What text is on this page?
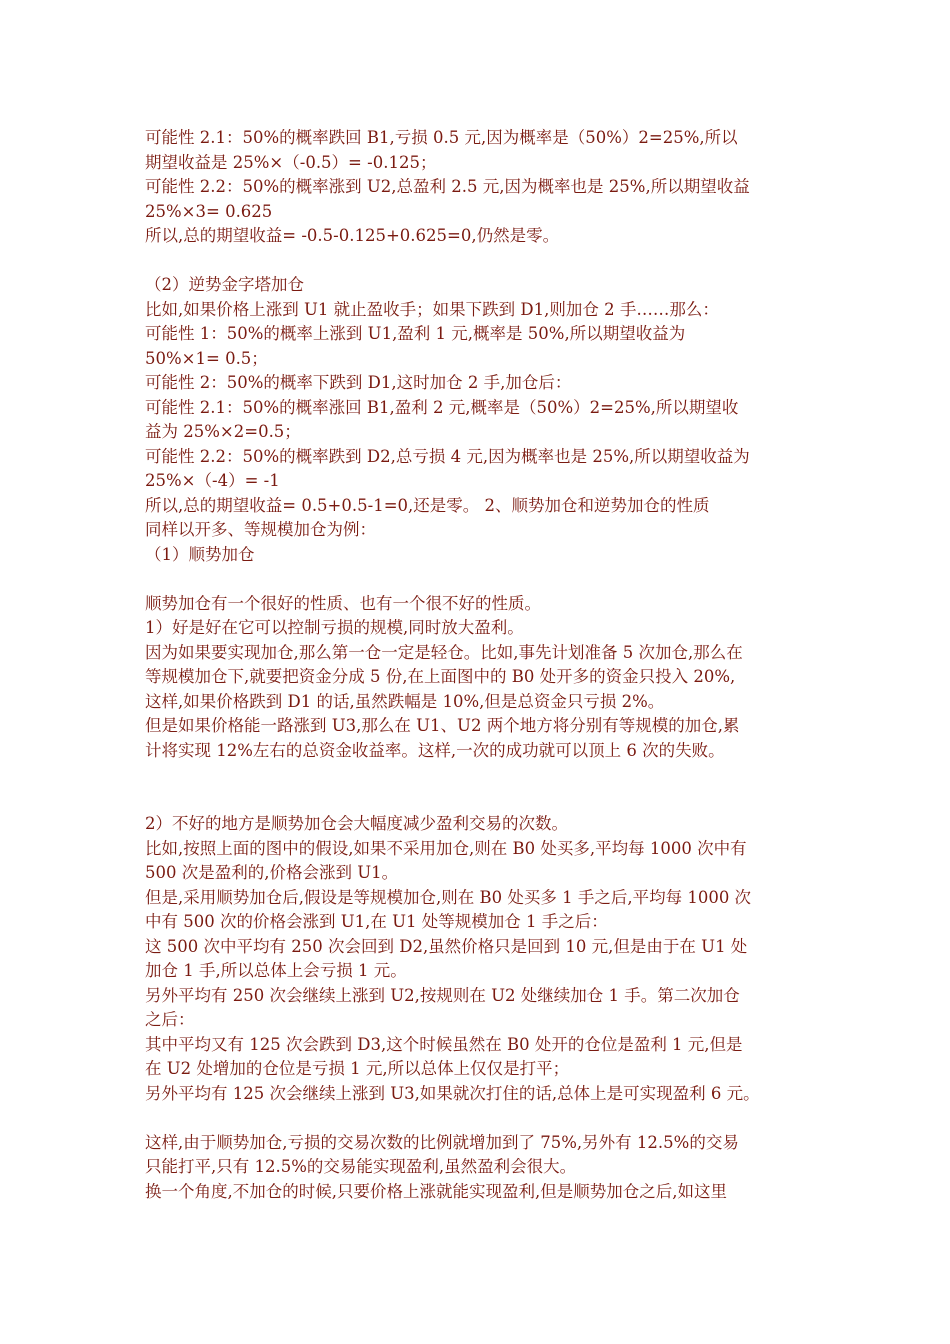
可能性 2.1：50%的概率跌回 B1,亏损 0.5 元,因为概率是（50%）2=25%,所以
期望收益是 25%×（-0.5）= -0.125；
可能性 2.2：50%的概率涨到 U2,总盈利 2.5 元,因为概率也是 25%,所以期望收益
25%×3= 0.625
所以,总的期望收益= -0.5-0.125+0.625=0,仍然是零。
（2）逆势金字塔加仓
比如,如果价格上涨到 U1 就止盈收手；如果下跌到 D1,则加仓 2 手……那么：
可能性 1：50%的概率上涨到 U1,盈利 1 元,概率是 50%,所以期望收益为
50%×1= 0.5；
可能性 2：50%的概率下跌到 D1,这时加仓 2 手,加仓后：
可能性 2.1：50%的概率涨回 B1,盈利 2 元,概率是（50%）2=25%,所以期望收
益为 25%×2=0.5；
可能性 2.2：50%的概率跌到 D2,总亏损 4 元,因为概率也是 25%,所以期望收益为
25%×（-4）= -1
所以,总的期望收益= 0.5+0.5-1=0,还是零。 2、顺势加仓和逆势加仓的性质
同样以开多、等规模加仓为例：
（1）顺势加仓
顺势加仓有一个很好的性质、也有一个很不好的性质。
1）好是好在它可以控制亏损的规模,同时放大盈利。
因为如果要实现加仓,那么第一仓一定是轻仓。比如,事先计划准备 5 次加仓,那么在
等规模加仓下,就要把资金分成 5 份,在上面图中的 B0 处开多的资金只投入 20%,
这样,如果价格跌到 D1 的话,虽然跌幅是 10%,但是总资金只亏损 2%。
但是如果价格能一路涨到 U3,那么在 U1、U2 两个地方将分别有等规模的加仓,累
计将实现 12%左右的总资金收益率。这样,一次的成功就可以顶上 6 次的失败。
2）不好的地方是顺势加仓会大幅度减少盈利交易的次数。
比如,按照上面的图中的假设,如果不采用加仓,则在 B0 处买多,平均每 1000 次中有
500 次是盈利的,价格会涨到 U1。
但是,采用顺势加仓后,假设是等规模加仓,则在 B0 处买多 1 手之后,平均每 1000 次
中有 500 次的价格会涨到 U1,在 U1 处等规模加仓 1 手之后：
这 500 次中平均有 250 次会回到 D2,虽然价格只是回到 10 元,但是由于在 U1 处
加仓 1 手,所以总体上会亏损 1 元。
另外平均有 250 次会继续上涨到 U2,按规则在 U2 处继续加仓 1 手。第二次加仓
之后：
其中平均又有 125 次会跌到 D3,这个时候虽然在 B0 处开的仓位是盈利 1 元,但是
在 U2 处增加的仓位是亏损 1 元,所以总体上仅仅是打平；
另外平均有 125 次会继续上涨到 U3,如果就次打住的话,总体上是可实现盈利 6 元。
这样,由于顺势加仓,亏损的交易次数的比例就增加到了 75%,另外有 12.5%的交易
只能打平,只有 12.5%的交易能实现盈利,虽然盈利会很大。
换一个角度,不加仓的时候,只要价格上涨就能实现盈利,但是顺势加仓之后,如这里
